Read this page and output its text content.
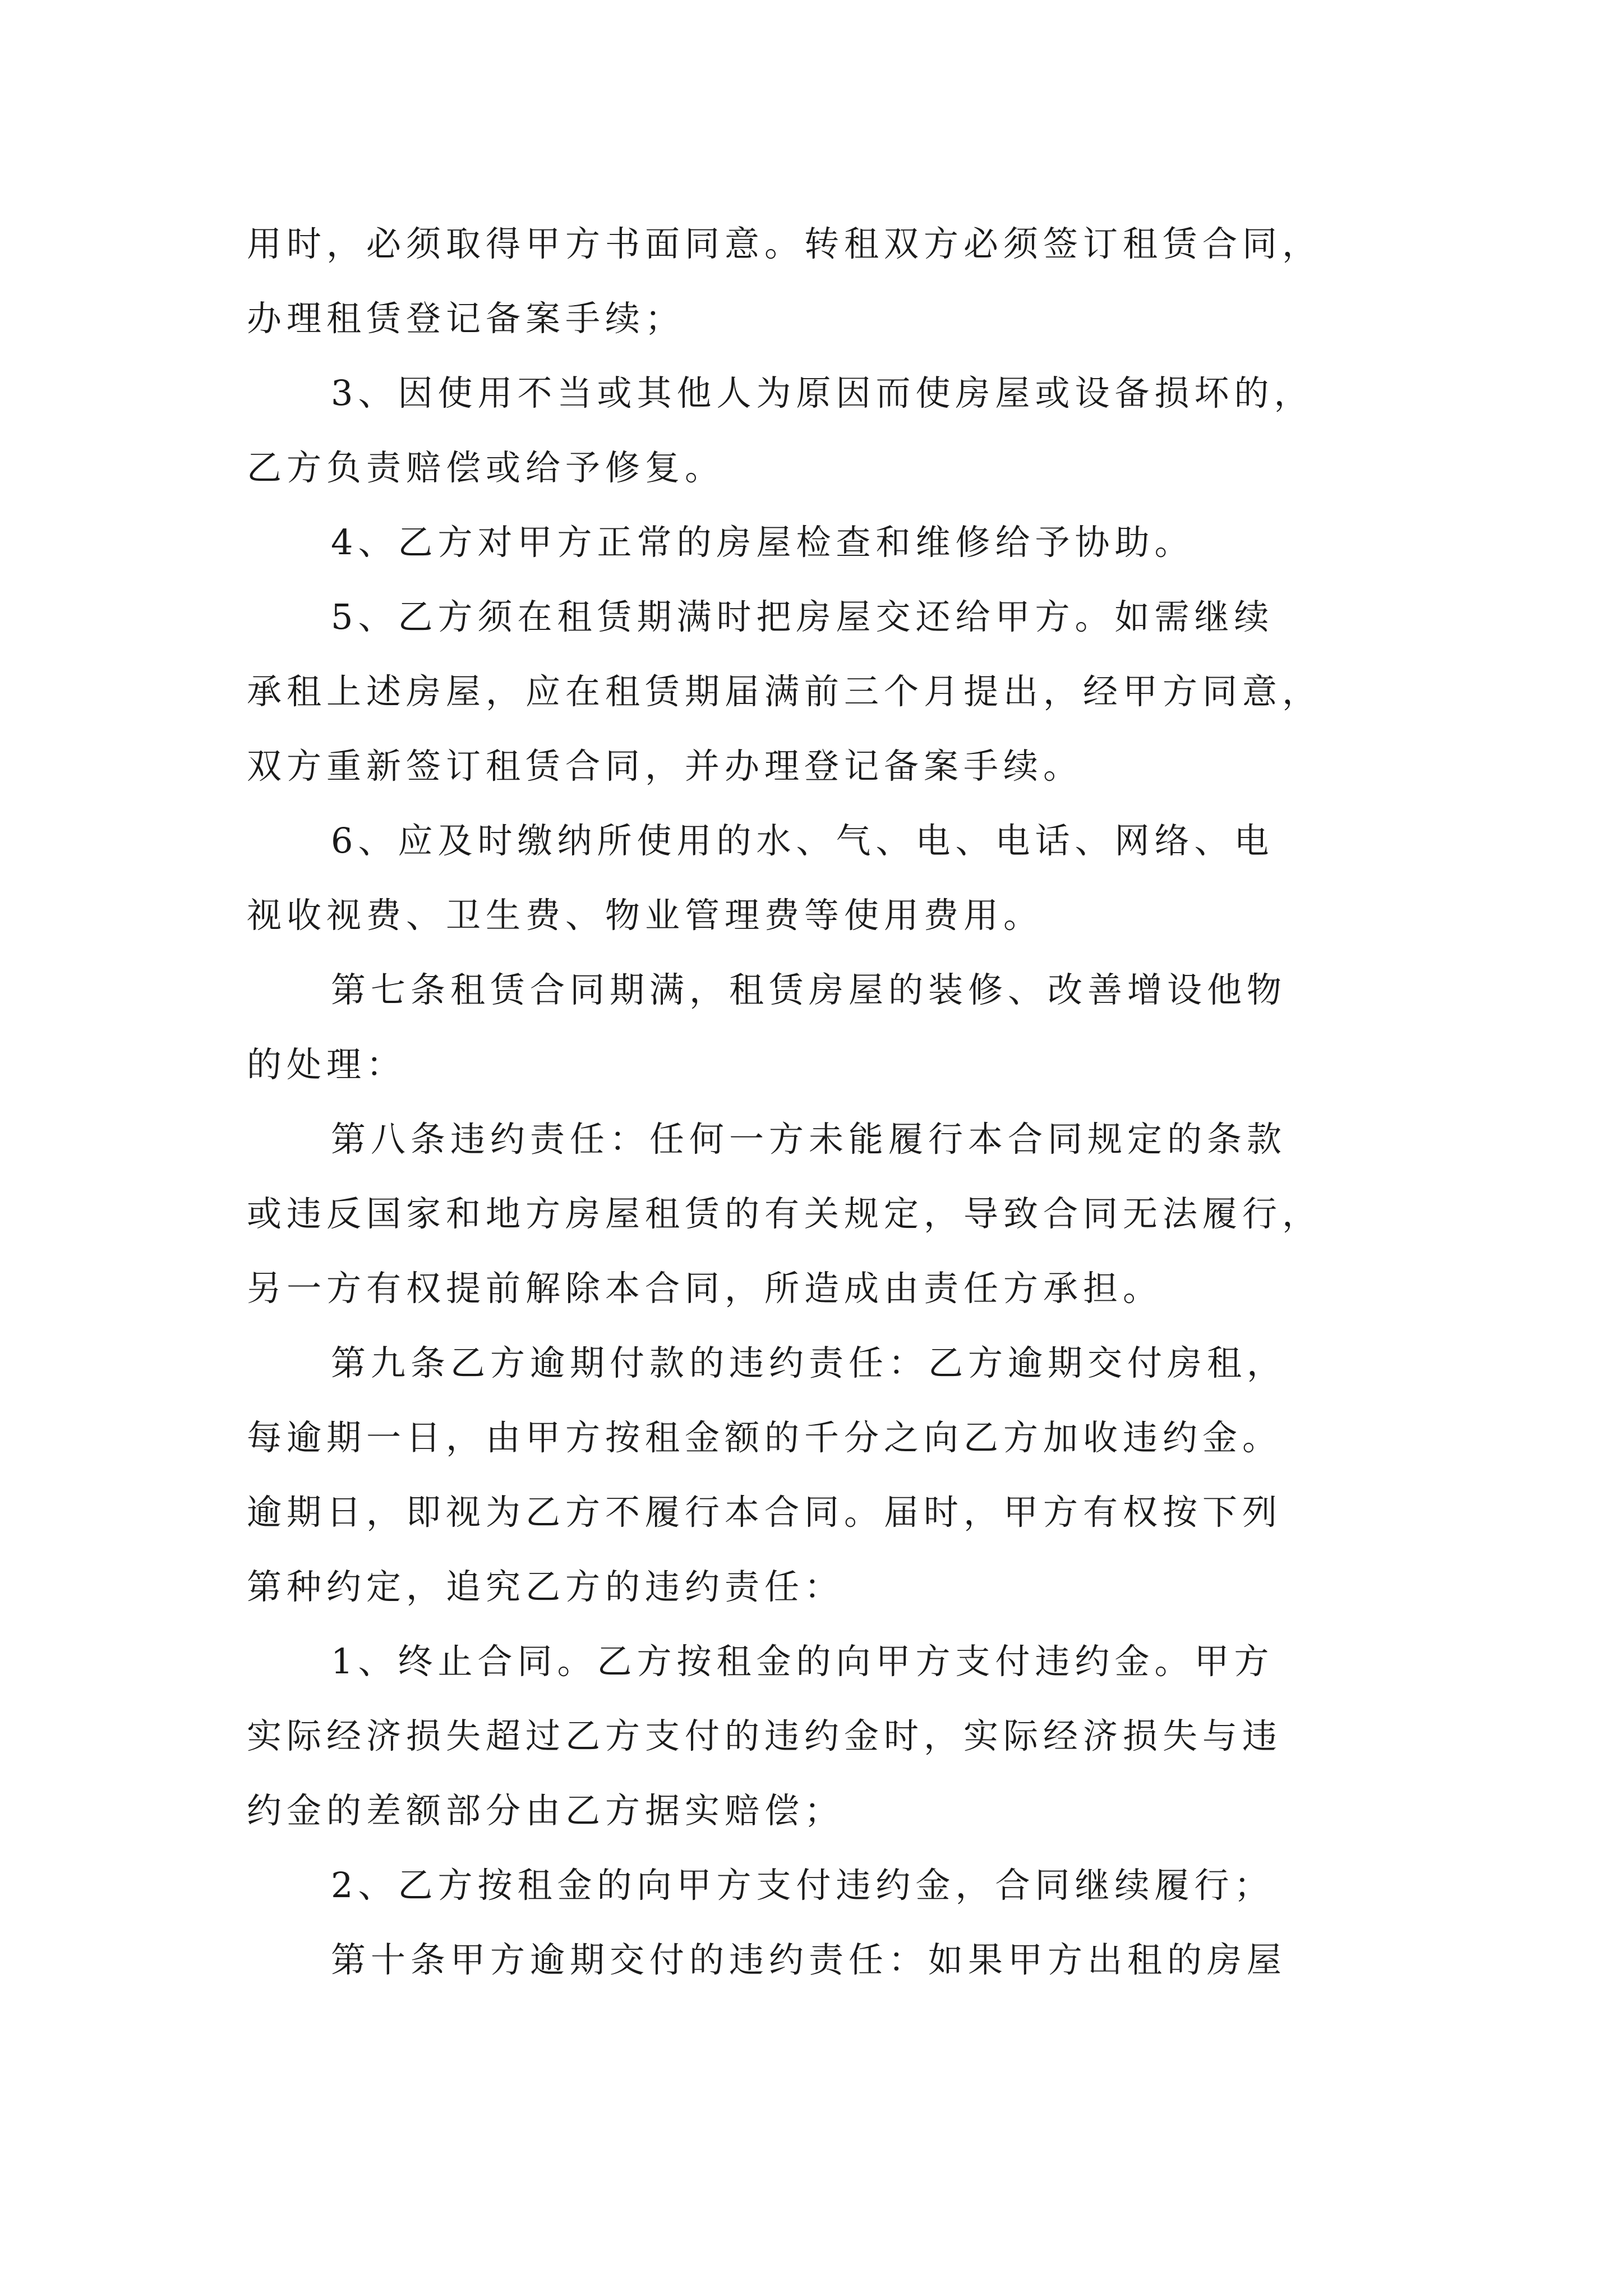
用时，必须取得甲方书面同意。转租双方必须签订租赁合同，
办理租赁登记备案手续；
3、因使用不当或其他人为原因而使房屋或设备损坏的，
乙方负责赔偿或给予修复。
4、乙方对甲方正常的房屋检查和维修给予协助。
5、乙方须在租赁期满时把房屋交还给甲方。如需继续
承租上述房屋，应在租赁期届满前三个月提出，经甲方同意，
双方重新签订租赁合同，并办理登记备案手续。
6、应及时缴纳所使用的水、气、电、电话、网络、电
视收视费、卫生费、物业管理费等使用费用。
第七条租赁合同期满，租赁房屋的装修、改善增设他物
的处理：
第八条违约责任：任何一方未能履行本合同规定的条款
或违反国家和地方房屋租赁的有关规定，导致合同无法履行，
另一方有权提前解除本合同，所造成由责任方承担。
第九条乙方逾期付款的违约责任：乙方逾期交付房租，
每逾期一日，由甲方按租金额的千分之向乙方加收违约金。
逾期日，即视为乙方不履行本合同。届时，甲方有权按下列
第种约定，追究乙方的违约责任：
1、终止合同。乙方按租金的向甲方支付违约金。甲方
实际经济损失超过乙方支付的违约金时，实际经济损失与违
约金的差额部分由乙方据实赔偿；
2、乙方按租金的向甲方支付违约金，合同继续履行；
第十条甲方逾期交付的违约责任：如果甲方出租的房屋
